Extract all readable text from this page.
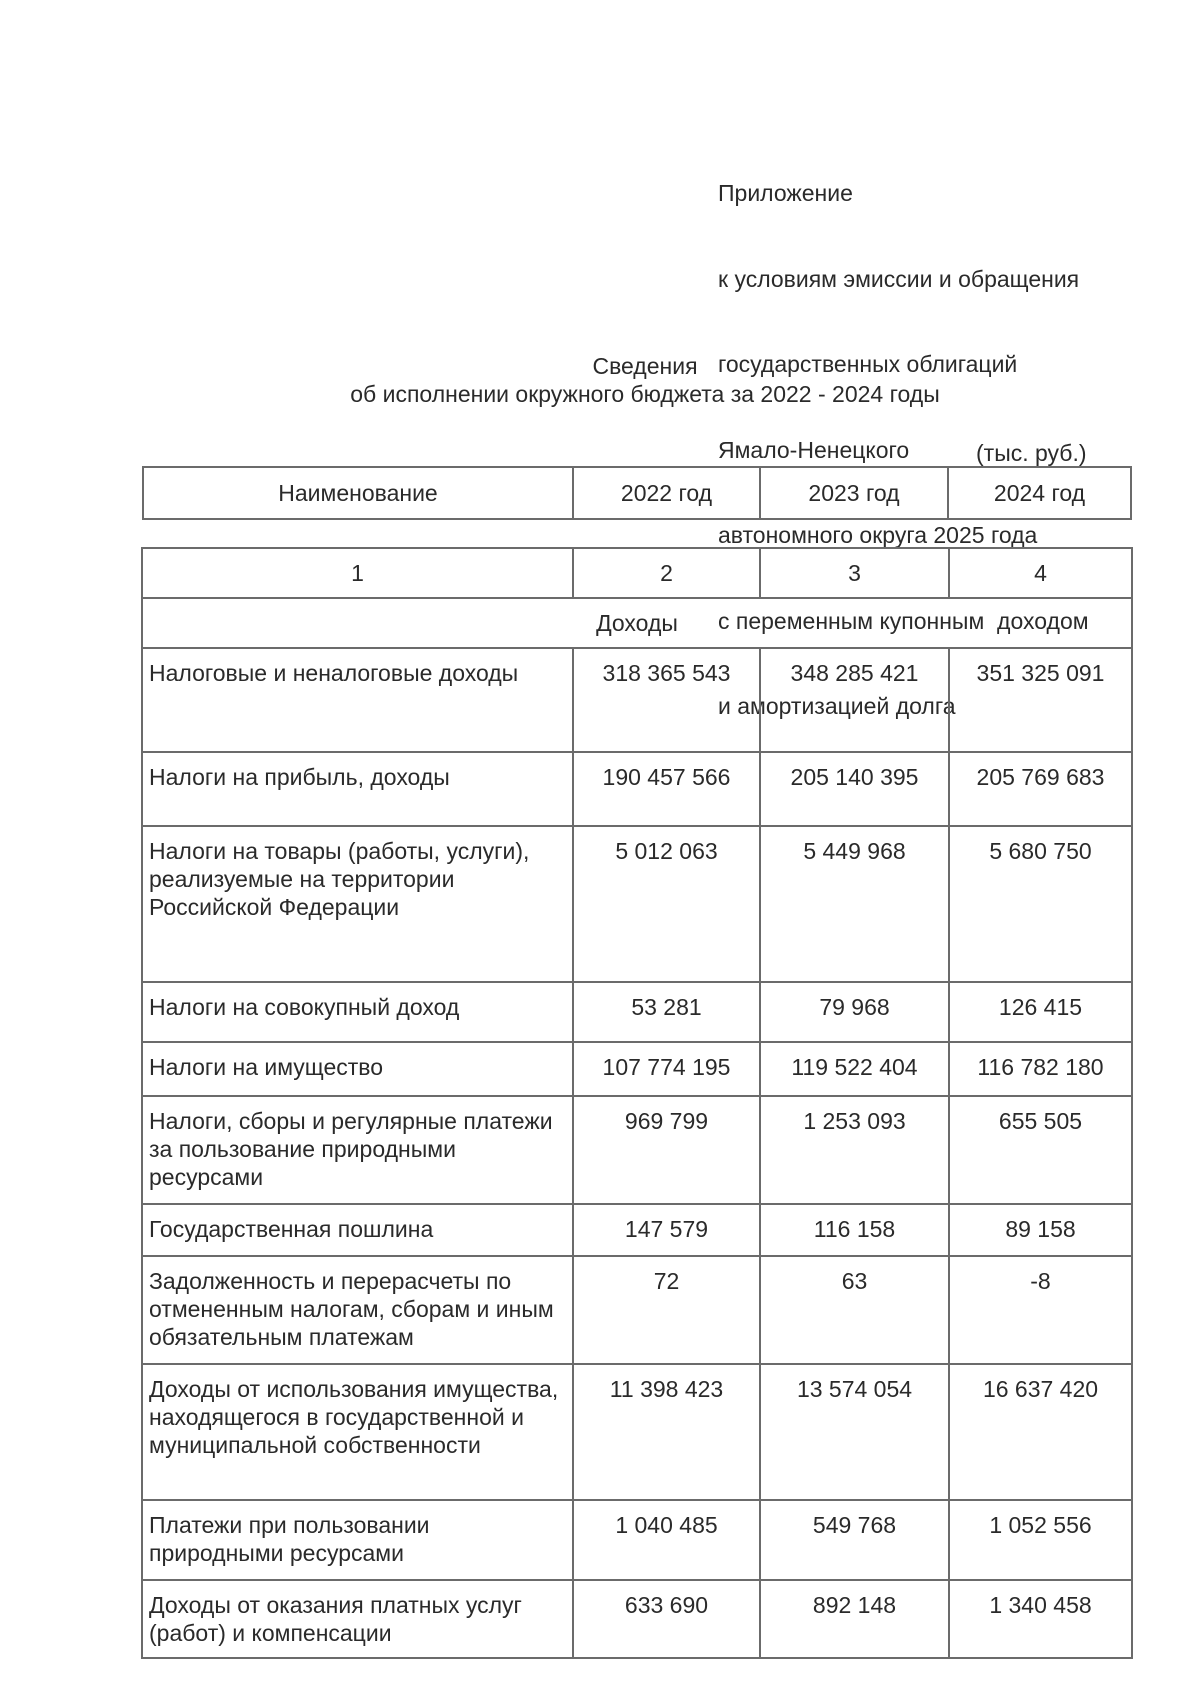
Приложение

к условиям эмиссии и обращения

государственных облигаций

Ямало-Ненецкого

автономного округа 2025 года

с переменным купонным  доходом

и амортизацией долга

Сведения
об исполнении окружного бюджета за 2022 - 2024 годы
(тыс. руб.)
Наименование	2022 год	2023 год	2024 год
1	2	3	4
Доходы			
Налоговые и неналоговые доходы	318 365 543	348 285 421	351 325 091
Налоги на прибыль, доходы	190 457 566	205 140 395	205 769 683
Налоги на товары (работы, услуги), реализуемые на территории Российской Федерации	5 012 063	5 449 968	5 680 750
Налоги на совокупный доход	53 281	79 968	126 415
Налоги на имущество	107 774 195	119 522 404	116 782 180
Налоги, сборы и регулярные платежи за пользование природными ресурсами	969 799	1 253 093	655 505
Государственная пошлина	147 579	116 158	89 158
Задолженность и перерасчеты по отмененным налогам, сборам и иным обязательным платежам	72	63	-8
Доходы от использования имущества, находящегося в государственной и муниципальной собственности	11 398 423	13 574 054	16 637 420
Платежи при пользовании природными ресурсами	1 040 485	549 768	1 052 556
Доходы от оказания платных услуг (работ) и компенсации	633 690	892 148	1 340 458
